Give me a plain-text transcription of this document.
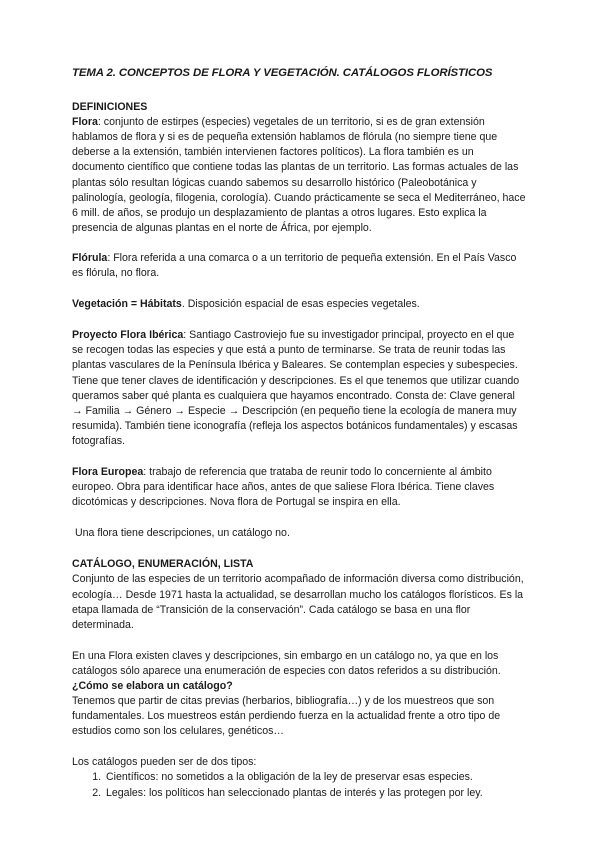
TEMA 2. CONCEPTOS DE FLORA Y VEGETACIÓN. CATÁLOGOS FLORÍSTICOS

DEFINICIONES

Flora: conjunto de estirpes (especies) vegetales de un territorio, si es de gran extensión hablamos de flora y si es de pequeña extensión hablamos de flórula (no siempre tiene que deberse a la extensión, también intervienen factores políticos). La flora también es un documento científico que contiene todas las plantas de un territorio. Las formas actuales de las plantas sólo resultan lógicas cuando sabemos su desarrollo histórico (Paleobotánica y palinología, geología, filogenia, corología). Cuando prácticamente se seca el Mediterráneo, hace 6 mill. de años, se produjo un desplazamiento de plantas a otros lugares. Esto explica la presencia de algunas plantas en el norte de África, por ejemplo.

Flórula: Flora referida a una comarca o a un territorio de pequeña extensión. En el País Vasco es flórula, no flora.

Vegetación = Hábitats. Disposición espacial de esas especies vegetales.

Proyecto Flora Ibérica: Santiago Castroviejo fue su investigador principal, proyecto en el que se recogen todas las especies y que está a punto de terminarse. Se trata de reunir todas las plantas vasculares de la Península Ibérica y Baleares. Se contemplan especies y subespecies. Tiene que tener claves de identificación y descripciones. Es el que tenemos que utilizar cuando queramos saber qué planta es cualquiera que hayamos encontrado. Consta de: Clave general → Familia → Género → Especie → Descripción (en pequeño tiene la ecología de manera muy resumida). También tiene iconografía (refleja los aspectos botánicos fundamentales) y escasas fotografías.

Flora Europea: trabajo de referencia que trataba de reunir todo lo concerniente al ámbito europeo. Obra para identificar hace años, antes de que saliese Flora Ibérica. Tiene claves dicotómicas y descripciones. Nova flora de Portugal se inspira en ella.

Una flora tiene descripciones, un catálogo no.

CATÁLOGO, ENUMERACIÓN, LISTA

Conjunto de las especies de un territorio acompañado de información diversa como distribución, ecología… Desde 1971 hasta la actualidad, se desarrollan mucho los catálogos florísticos. Es la etapa llamada de “Transición de la conservación”. Cada catálogo se basa en una flor determinada.

En una Flora existen claves y descripciones, sin embargo en un catálogo no, ya que en los catálogos sólo aparece una enumeración de especies con datos referidos a su distribución.

¿Cómo se elabora un catálogo?

Tenemos que partir de citas previas (herbarios, bibliografía…) y de los muestreos que son fundamentales. Los muestreos están perdiendo fuerza en la actualidad frente a otro tipo de estudios como son los celulares, genéticos…

Los catálogos pueden ser de dos tipos:

1. Científicos: no sometidos a la obligación de la ley de preservar esas especies.
2. Legales: los políticos han seleccionado plantas de interés y las protegen por ley.
